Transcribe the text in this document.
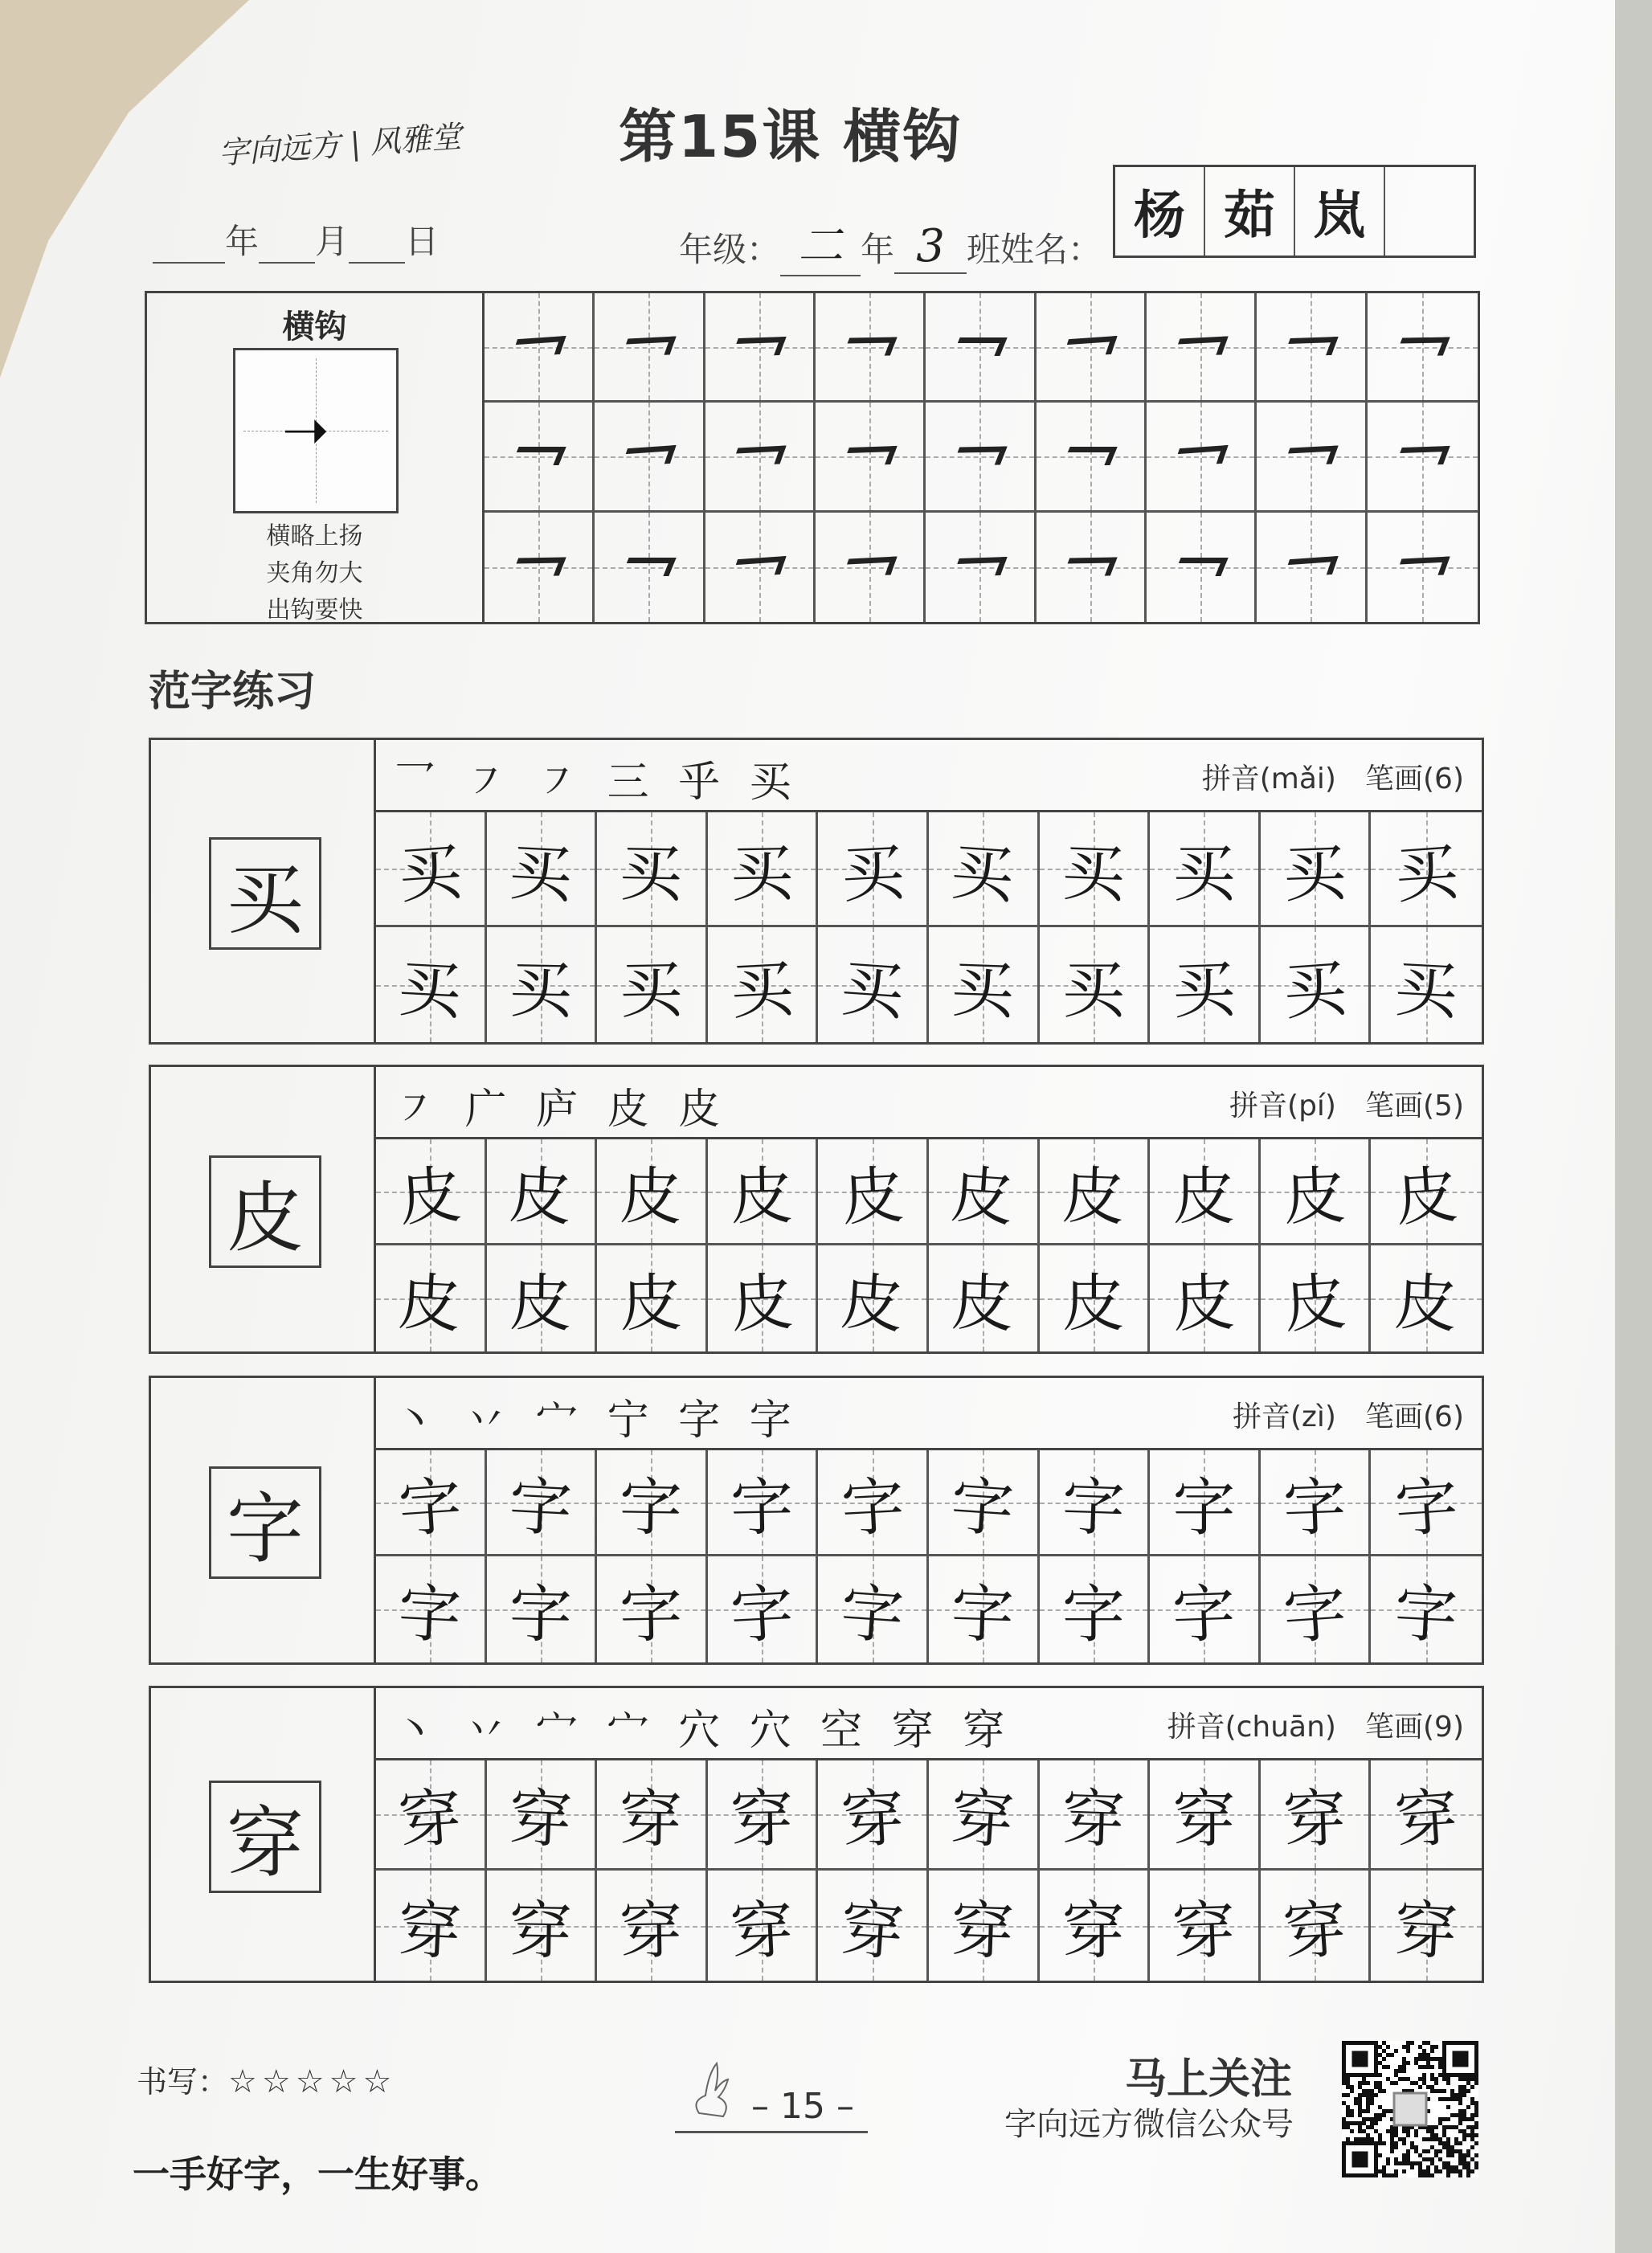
字向远方 | 风雅堂	第15课 横钩
年 月 日	年级： 二 年 3 班姓名：
杨 茹 岚
横钩
➝
横略上扬
夹角勿大
出钩要快
范字练习
买
乛 ㇇ ㇇ 三 乎 买	拼音(mǎi)　 笔画(6)
买 买 买 买 买 买 买 买 买 买
买 买 买 买 买 买 买 买 买 买
皮
㇇ 广 庐 皮 皮	拼音(pí)　 笔画(5)
皮 皮 皮 皮 皮 皮 皮 皮 皮 皮
皮 皮 皮 皮 皮 皮 皮 皮 皮 皮
字
丶 丷 宀 宁 字 字	拼音(zì)　 笔画(6)
字 字 字 字 字 字 字 字 字 字
字 字 字 字 字 字 字 字 字 字
穿
丶 丷 宀 宀 穴 穴 空 穿 穿	拼音(chuān)　 笔画(9)
穿 穿 穿 穿 穿 穿 穿 穿 穿 穿
穿 穿 穿 穿 穿 穿 穿 穿 穿 穿
书写：☆☆☆☆☆
– 15 –
马上关注
字向远方微信公众号
一手好字，一生好事。
